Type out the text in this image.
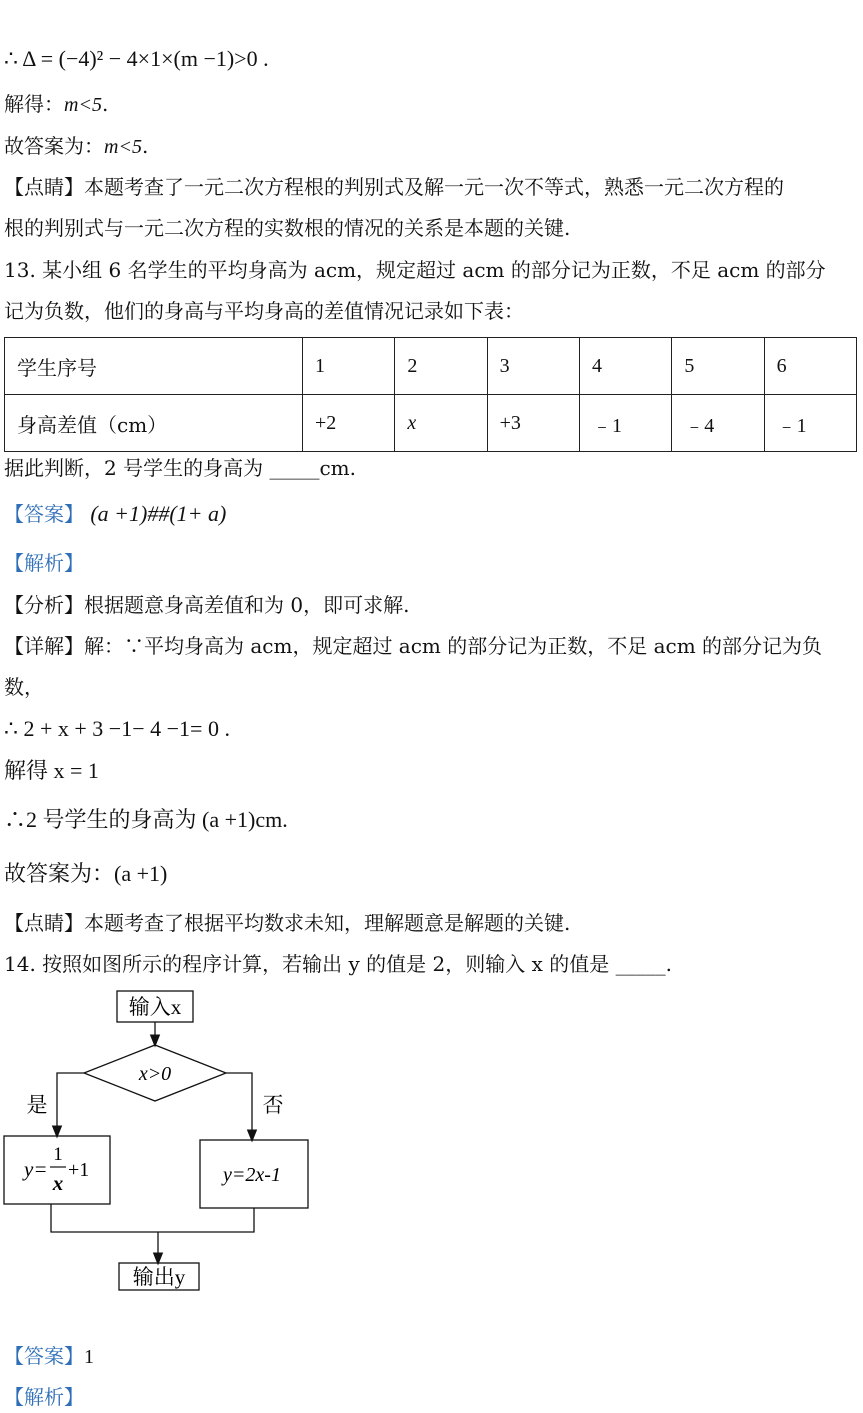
∴ Δ = (−4)² − 4×1×(m −1)>0 .
解得：m<5.
故答案为：m<5.
【点睛】本题考查了一元二次方程根的判别式及解一元一次不等式，熟悉一元二次方程的
根的判别式与一元二次方程的实数根的情况的关系是本题的关键.
13. 某小组 6 名学生的平均身高为 acm，规定超过 acm 的部分记为正数，不足 acm 的部分
记为负数，他们的身高与平均身高的差值情况记录如下表：
学生序号	1	2	3	4	5	6
身高差值（cm）	+2	x	+3	﹣1	﹣4	﹣1
据此判断，2 号学生的身高为 _____cm.
【答案】 (a +1)##(1+ a)
【解析】
【分析】根据题意身高差值和为 0，即可求解.
【详解】解：∵平均身高为 acm，规定超过 acm 的部分记为正数，不足 acm 的部分记为负
数，
∴ 2 + x + 3 −1− 4 −1= 0 .
解得 x = 1
∴2 号学生的身高为 (a +1)cm.
故答案为：(a +1)
【点睛】本题考查了根据平均数求未知，理解题意是解题的关键.
14. 按照如图所示的程序计算，若输出 y 的值是 2，则输入 x 的值是 _____.
输入x
x>0
是	否
y=
1
x
+1	y=2x-1
输出y
【答案】1
【解析】
